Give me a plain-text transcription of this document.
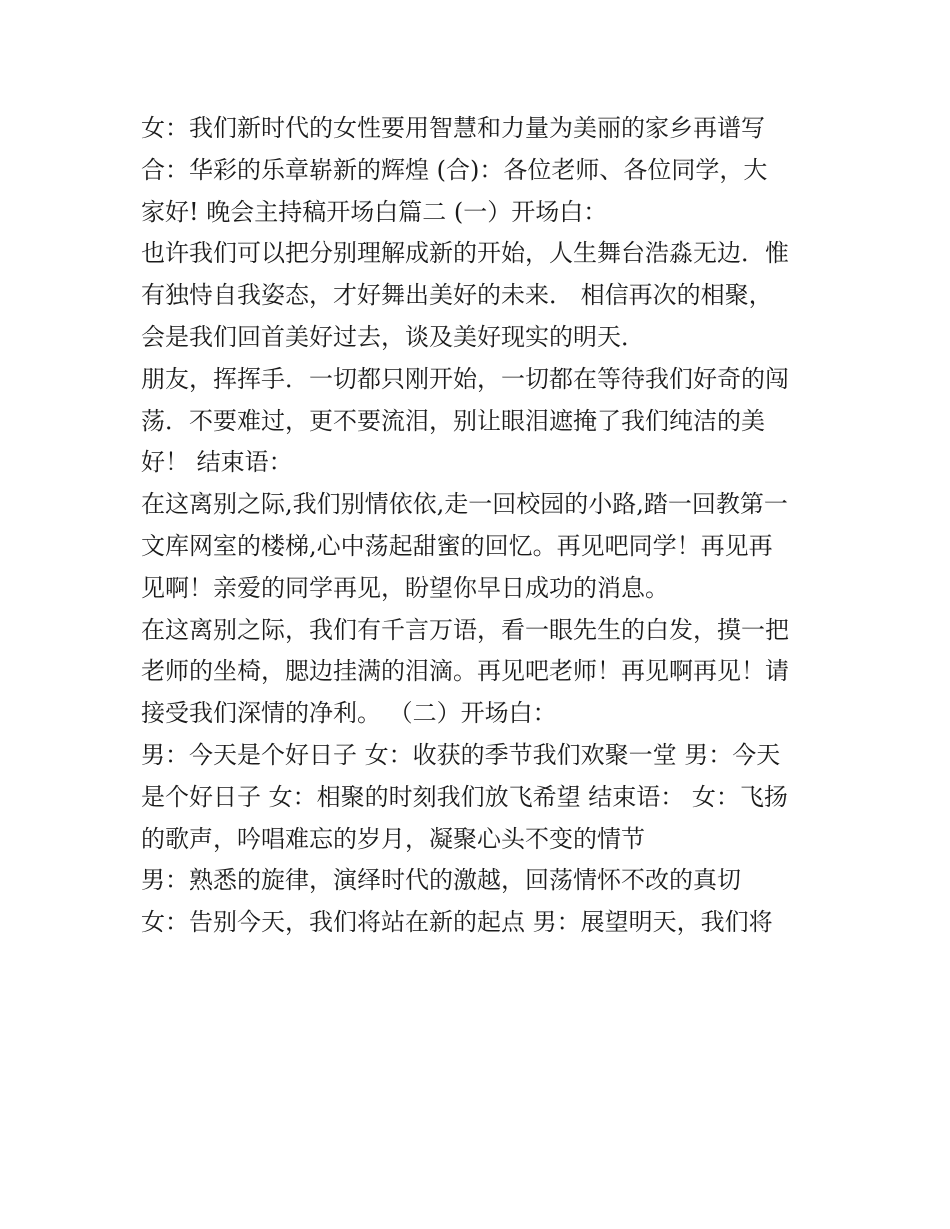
女：我们新时代的女性要用智慧和力量为美丽的家乡再谱写
合：华彩的乐章崭新的辉煌 (合)：各位老师、各位同学，大
家好! 晚会主持稿开场白篇二 (一）开场白：
也许我们可以把分别理解成新的开始，人生舞台浩淼无边．惟
有独恃自我姿态，才好舞出美好的未来． 相信再次的相聚，
会是我们回首美好过去，谈及美好现实的明天．
朋友，挥挥手．一切都只刚开始，一切都在等待我们好奇的闯
荡．不要难过，更不要流泪，别让眼泪遮掩了我们纯洁的美
好！ 结束语：
在这离别之际,我们别情依依,走一回校园的小路,踏一回教第一
文库网室的楼梯,心中荡起甜蜜的回忆。再见吧同学！再见再
见啊！亲爱的同学再见，盼望你早日成功的消息。
在这离别之际，我们有千言万语，看一眼先生的白发，摸一把
老师的坐椅，腮边挂满的泪滴。再见吧老师！再见啊再见！请
接受我们深情的净利。 （二）开场白：
男：今天是个好日子 女：收获的季节我们欢聚一堂 男：今天
是个好日子 女：相聚的时刻我们放飞希望 结束语： 女：飞扬
的歌声，吟唱难忘的岁月，凝聚心头不变的情节
男：熟悉的旋律，演绎时代的激越，回荡情怀不改的真切
女：告别今天，我们将站在新的起点 男：展望明天，我们将
